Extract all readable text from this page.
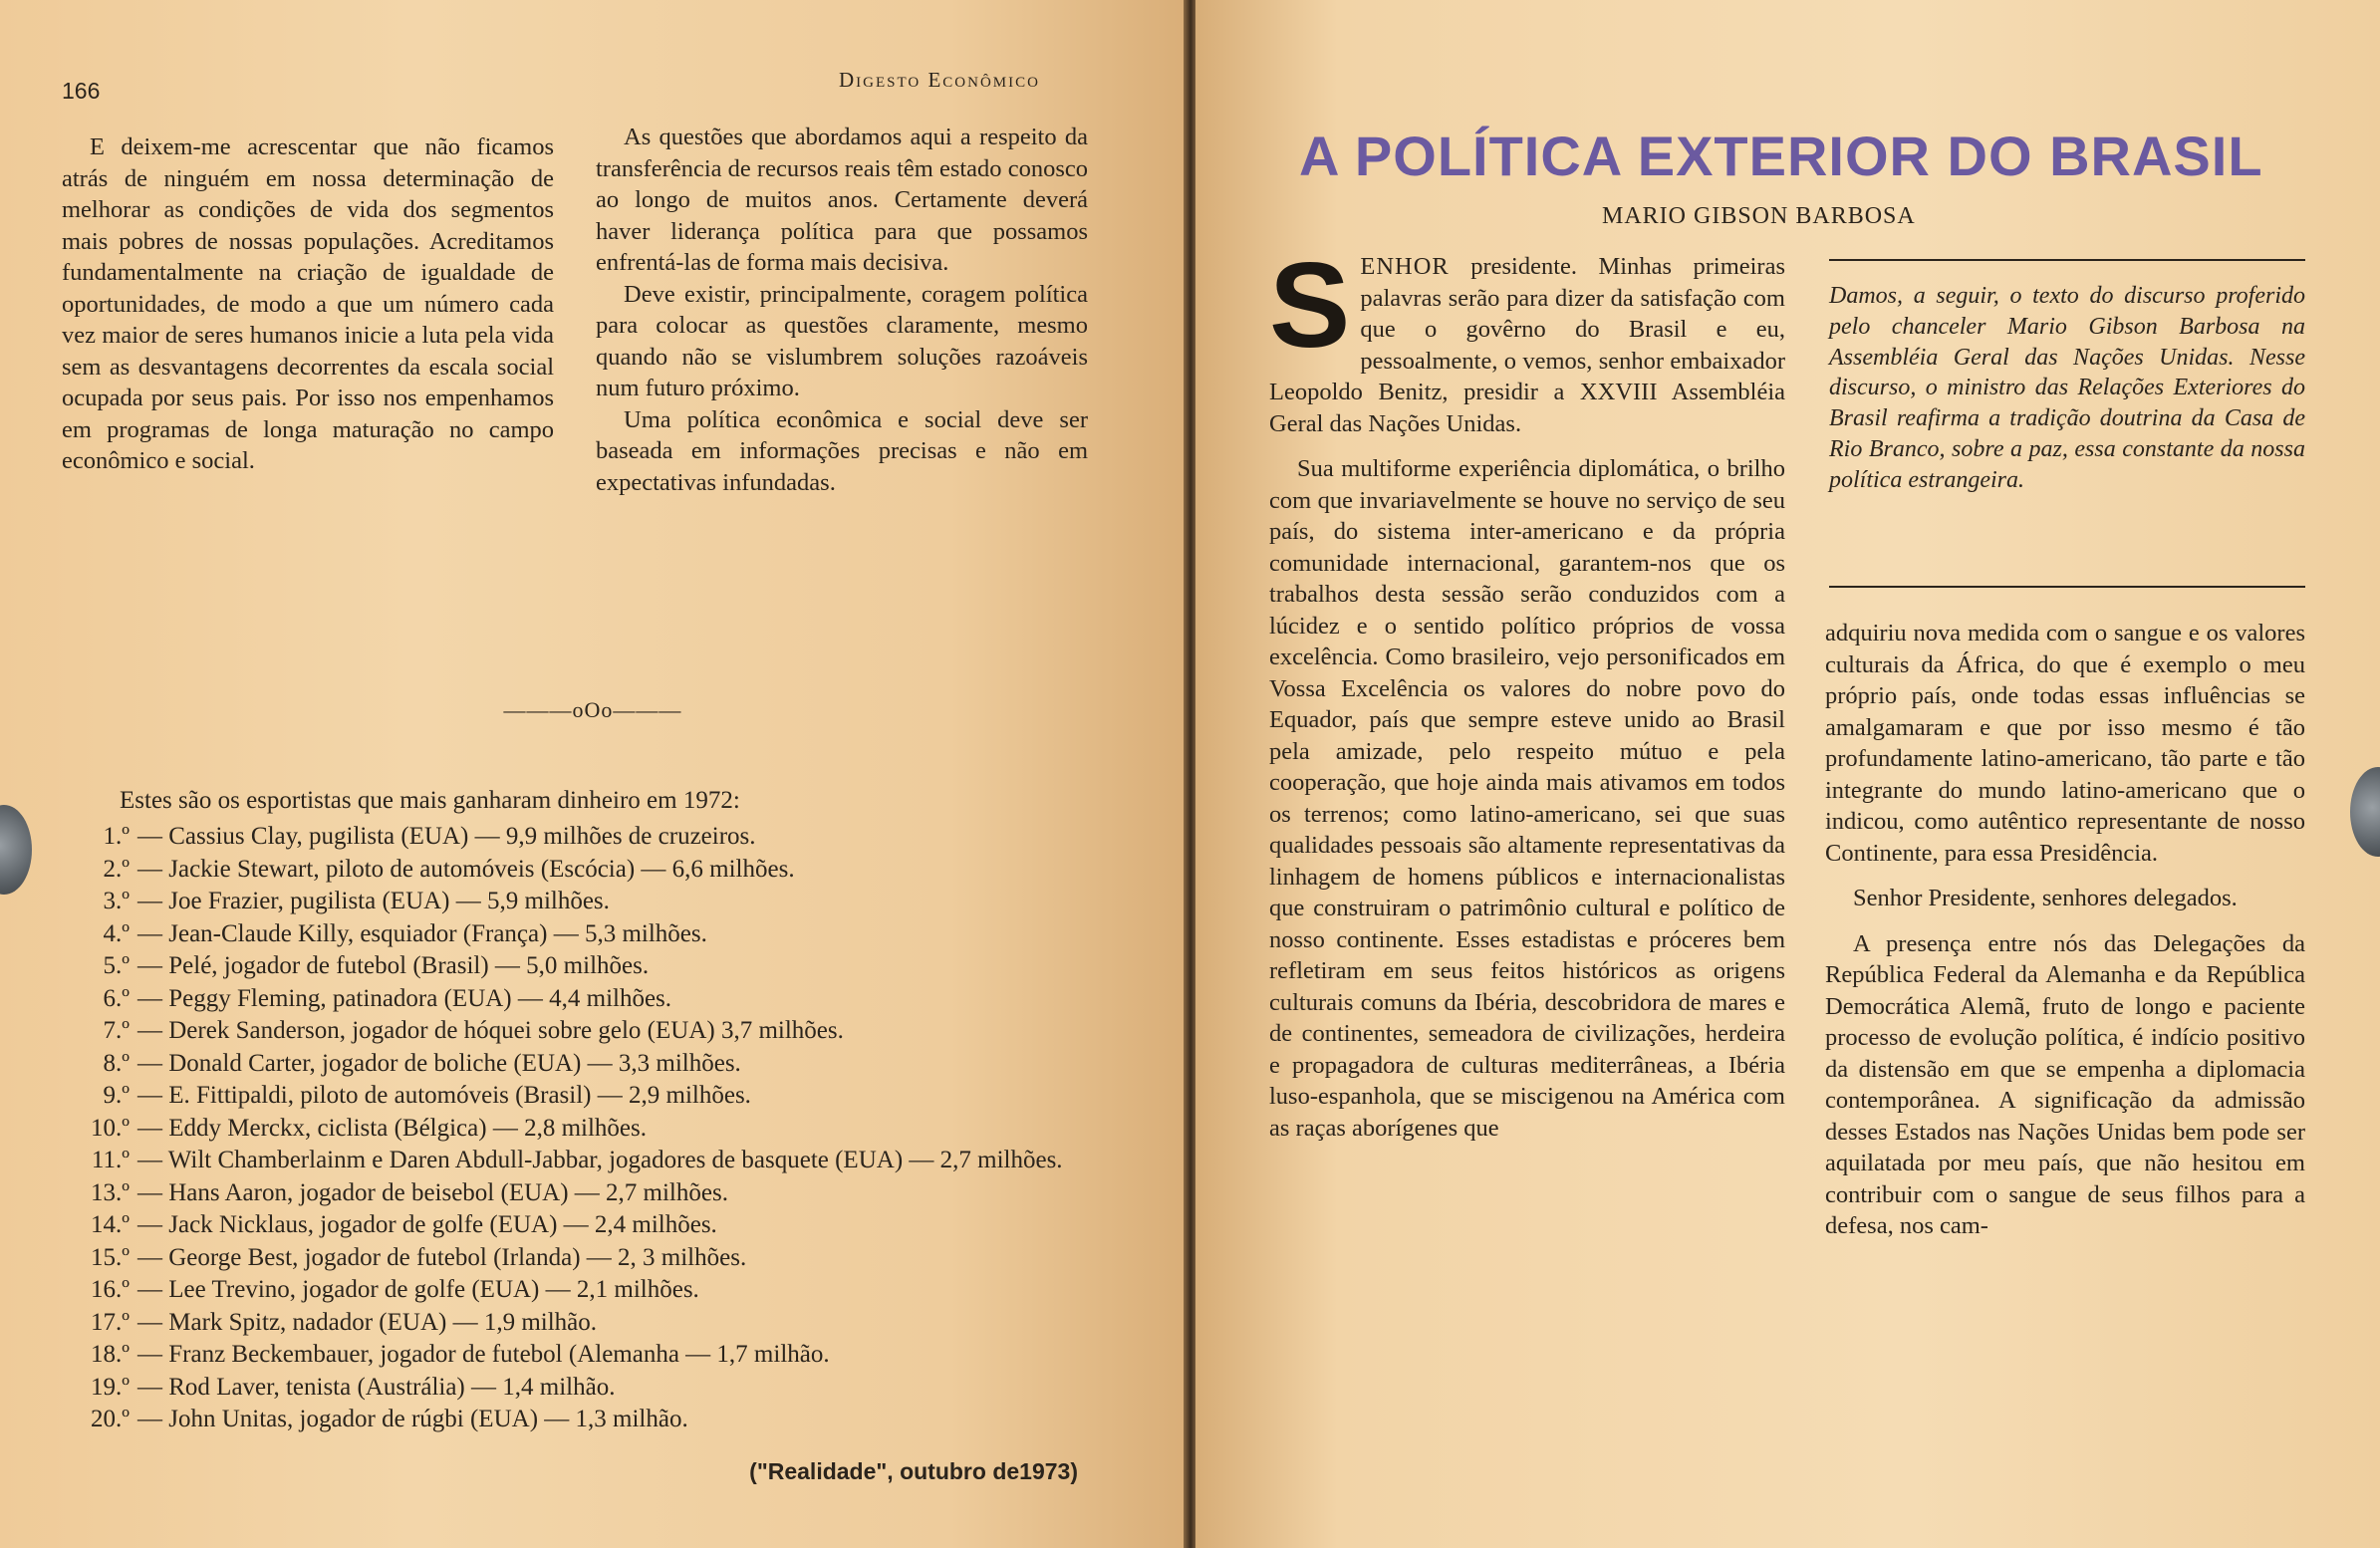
166	Digesto Econômico

E deixem-me acrescentar que não ficamos atrás de ninguém em nossa determinação de melhorar as condições de vida dos segmentos mais pobres de nossas populações. Acreditamos fundamentalmente na criação de igualdade de oportunidades, de modo a que um número cada vez maior de seres humanos inicie a luta pela vida sem as desvantagens decorrentes da escala social ocupada por seus pais. Por isso nos empenhamos em programas de longa maturação no campo econômico e social.

As questões que abordamos aqui a respeito da transferência de recursos reais têm estado conosco ao longo de muitos anos. Certamente deverá haver liderança política para que possamos enfrentá-las de forma mais decisiva.

Deve existir, principalmente, coragem política para colocar as questões claramente, mesmo quando não se vislumbrem soluções razoáveis num futuro próximo.

Uma política econômica e social deve ser baseada em informações precisas e não em expectativas infundadas.

———oOo———
Estes são os esportistas que mais ganharam dinheiro em 1972:
1.º — Cassius Clay, pugilista (EUA) — 9,9 milhões de cruzeiros.
2.º — Jackie Stewart, piloto de automóveis (Escócia) — 6,6 milhões.
3.º — Joe Frazier, pugilista (EUA) — 5,9 milhões.
4.º — Jean-Claude Killy, esquiador (França) — 5,3 milhões.
5.º — Pelé, jogador de futebol (Brasil) — 5,0 milhões.
6.º — Peggy Fleming, patinadora (EUA) — 4,4 milhões.
7.º — Derek Sanderson, jogador de hóquei sobre gelo (EUA) 3,7 milhões.
8.º — Donald Carter, jogador de boliche (EUA) — 3,3 milhões.
9.º — E. Fittipaldi, piloto de automóveis (Brasil) — 2,9 milhões.
10.º — Eddy Merckx, ciclista (Bélgica) — 2,8 milhões.
11.º — Wilt Chamberlainm e Daren Abdull-Jabbar, jogadores de basquete (EUA) — 2,7 milhões.
13.º — Hans Aaron, jogador de beisebol (EUA) — 2,7 milhões.
14.º — Jack Nicklaus, jogador de golfe (EUA) — 2,4 milhões.
15.º — George Best, jogador de futebol (Irlanda) — 2, 3 milhões.
16.º — Lee Trevino, jogador de golfe (EUA) — 2,1 milhões.
17.º — Mark Spitz, nadador (EUA) — 1,9 milhão.
18.º — Franz Beckembauer, jogador de futebol (Alemanha — 1,7 milhão.
19.º — Rod Laver, tenista (Austrália) — 1,4 milhão.
20.º — John Unitas, jogador de rúgbi (EUA) — 1,3 milhão.
("Realidade", outubro de1973)
A POLÍTICA EXTERIOR DO BRASIL
MARIO GIBSON BARBOSA

SENHOR presidente. Minhas primeiras palavras serão para dizer da satisfação com que o govêrno do Brasil e eu, pessoalmente, o vemos, senhor embaixador Leopoldo Benitz, presidir a XXVIII Assembléia Geral das Nações Unidas.

Sua multiforme experiência diplomática, o brilho com que invariavelmente se houve no serviço de seu país, do sistema inter-americano e da própria comunidade internacional, garantem-nos que os trabalhos desta sessão serão conduzidos com a lúcidez e o sentido político próprios de vossa excelência. Como brasileiro, vejo personificados em Vossa Excelência os valores do nobre povo do Equador, país que sempre esteve unido ao Brasil pela amizade, pelo respeito mútuo e pela cooperação, que hoje ainda mais ativamos em todos os terrenos; como latino-americano, sei que suas qualidades pessoais são altamente representativas da linhagem de homens públicos e internacionalistas que construiram o patrimônio cultural e político de nosso continente. Esses estadistas e próceres bem refletiram em seus feitos históricos as origens culturais comuns da Ibéria, descobridora de mares e de continentes, semeadora de civilizações, herdeira e propagadora de culturas mediterrâneas, a Ibéria luso-espanhola, que se miscigenou na América com as raças aborígenes que

Damos, a seguir, o texto do discurso proferido pelo chanceler Mario Gibson Barbosa na Assembléia Geral das Nações Unidas. Nesse discurso, o ministro das Relações Exteriores do Brasil reafirma a tradição doutrina da Casa de Rio Branco, sobre a paz, essa constante da nossa política estrangeira.

adquiriu nova medida com o sangue e os valores culturais da África, do que é exemplo o meu próprio país, onde todas essas influências se amalgamaram e que por isso mesmo é tão profundamente latino-americano, tão parte e tão integrante do mundo latino-americano que o indicou, como autêntico representante de nosso Continente, para essa Presidência.

Senhor Presidente, senhores delegados.

A presença entre nós das Delegações da República Federal da Alemanha e da República Democrática Alemã, fruto de longo e paciente processo de evolução política, é indício positivo da distensão em que se empenha a diplomacia contemporânea. A significação da admissão desses Estados nas Nações Unidas bem pode ser aquilatada por meu país, que não hesitou em contribuir com o sangue de seus filhos para a defesa, nos cam-
